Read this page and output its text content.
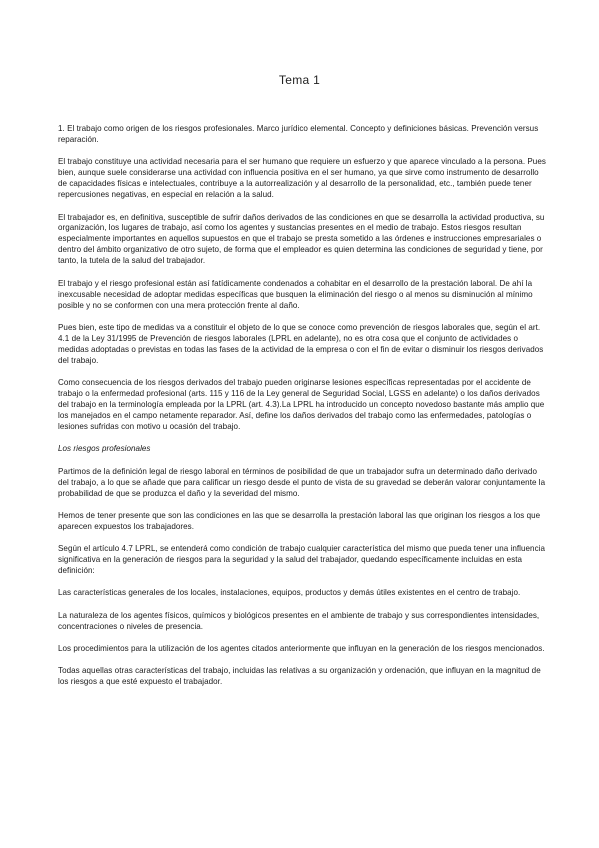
Tema 1

1. El trabajo como origen de los riesgos profesionales. Marco jurídico elemental. Concepto y definiciones básicas. Prevención versus reparación.

El trabajo constituye una actividad necesaria para el ser humano que requiere un esfuerzo y que aparece vinculado a la persona. Pues bien, aunque suele considerarse una actividad con influencia positiva en el ser humano, ya que sirve como instrumento de desarrollo de capacidades físicas e intelectuales, contribuye a la autorrealización y al desarrollo de la personalidad, etc., también puede tener repercusiones negativas, en especial en relación a la salud.

El trabajador es, en definitiva, susceptible de sufrir daños derivados de las condiciones en que se desarrolla la actividad productiva, su organización, los lugares de trabajo, así como los agentes y sustancias presentes en el medio de trabajo. Estos riesgos resultan especialmente importantes en aquellos supuestos en que el trabajo se presta sometido a las órdenes e instrucciones empresariales o dentro del ámbito organizativo de otro sujeto, de forma que el empleador es quien determina las condiciones de seguridad y tiene, por tanto, la tutela de la salud del trabajador.

El trabajo y el riesgo profesional están así fatídicamente condenados a cohabitar en el desarrollo de la prestación laboral. De ahí la inexcusable necesidad de adoptar medidas específicas que busquen la eliminación del riesgo o al menos su disminución al mínimo posible y no se conformen con una mera protección frente al daño.

Pues bien, este tipo de medidas va a constituir el objeto de lo que se conoce como prevención de riesgos laborales que, según el art. 4.1 de la Ley 31/1995 de Prevención de riesgos laborales (LPRL en adelante), no es otra cosa que el conjunto de actividades o medidas adoptadas o previstas en todas las fases de la actividad de la empresa o con el fin de evitar o disminuir los riesgos derivados del trabajo.

Como consecuencia de los riesgos derivados del trabajo pueden originarse lesiones específicas representadas por el accidente de trabajo o la enfermedad profesional (arts. 115 y 116 de la Ley general de Seguridad Social, LGSS en adelante) o los daños derivados del trabajo en la terminología empleada por la LPRL (art. 4.3).La LPRL ha introducido un concepto novedoso bastante más amplio que los manejados en el campo netamente reparador. Así, define los daños derivados del trabajo como las enfermedades, patologías o lesiones sufridas con motivo u ocasión del trabajo.

Los riesgos profesionales

Partimos de la definición legal de riesgo laboral en términos de posibilidad de que un trabajador sufra un determinado daño derivado del trabajo, a lo que se añade que para calificar un riesgo desde el punto de vista de su gravedad se deberán valorar conjuntamente la probabilidad de que se produzca el daño y la severidad del mismo.

Hemos de tener presente que son las condiciones en las que se desarrolla la prestación laboral las que originan los riesgos a los que aparecen expuestos los trabajadores.

Según el artículo 4.7 LPRL, se entenderá como condición de trabajo cualquier característica del mismo que pueda tener una influencia significativa en la generación de riesgos para la seguridad y la salud del trabajador, quedando específicamente incluidas en esta definición:

Las características generales de los locales, instalaciones, equipos, productos y demás útiles existentes en el centro de trabajo.

La naturaleza de los agentes físicos, químicos y biológicos presentes en el ambiente de trabajo y sus correspondientes intensidades, concentraciones o niveles de presencia.

Los procedimientos para la utilización de los agentes citados anteriormente que influyan en la generación de los riesgos mencionados.

Todas aquellas otras características del trabajo, incluidas las relativas a su organización y ordenación, que influyan en la magnitud de los riesgos a que esté expuesto el trabajador.
